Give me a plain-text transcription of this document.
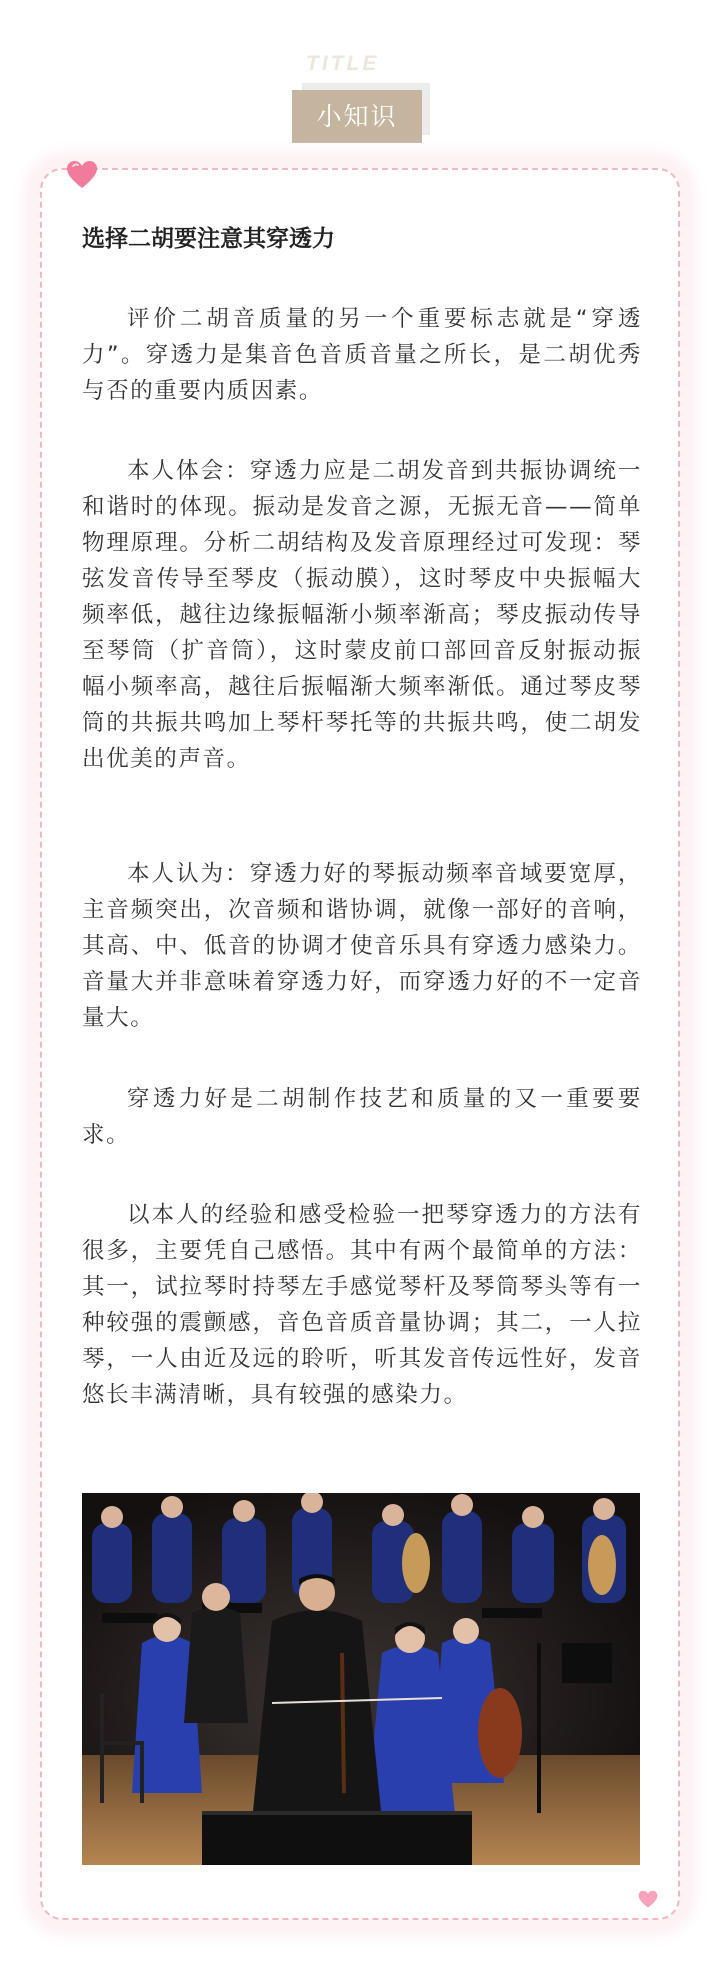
TITLE
小知识
选择二胡要注意其穿透力

评价二胡音质量的另一个重要标志就是“穿透力”。穿透力是集音色音质音量之所长，是二胡优秀与否的重要内质因素。

本人体会：穿透力应是二胡发音到共振协调统一和谐时的体现。振动是发音之源，无振无音——简单物理原理。分析二胡结构及发音原理经过可发现：琴弦发音传导至琴皮（振动膜），这时琴皮中央振幅大频率低，越往边缘振幅渐小频率渐高；琴皮振动传导至琴筒（扩音筒），这时蒙皮前口部回音反射振动振幅小频率高，越往后振幅渐大频率渐低。通过琴皮琴筒的共振共鸣加上琴杆琴托等的共振共鸣，使二胡发出优美的声音。

本人认为：穿透力好的琴振动频率音域要宽厚，主音频突出，次音频和谐协调，就像一部好的音响，其高、中、低音的协调才使音乐具有穿透力感染力。音量大并非意味着穿透力好，而穿透力好的不一定音量大。

穿透力好是二胡制作技艺和质量的又一重要要求。

以本人的经验和感受检验一把琴穿透力的方法有很多，主要凭自己感悟。其中有两个最简单的方法：其一，试拉琴时持琴左手感觉琴杆及琴筒琴头等有一种较强的震颤感，音色音质音量协调；其二，一人拉琴，一人由近及远的聆听，听其发音传远性好，发音悠长丰满清晰，具有较强的感染力。
